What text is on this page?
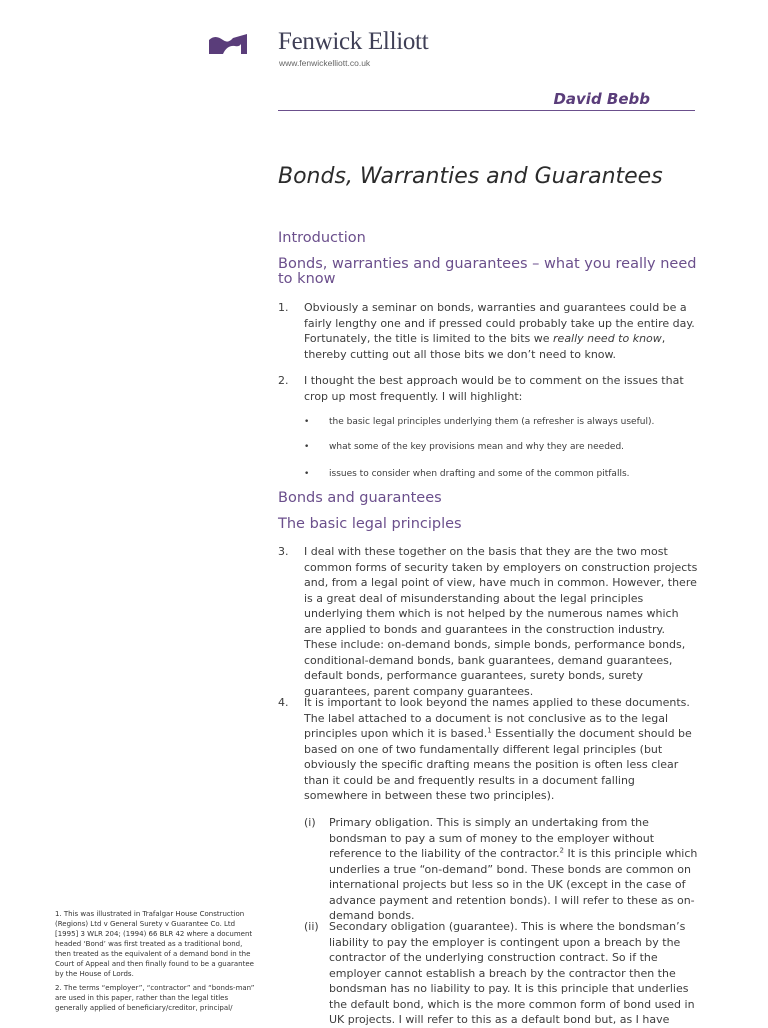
Fenwick Elliott
www.fenwickelliott.co.uk
David Bebb
Bonds, Warranties and Guarantees
Introduction
Bonds, warranties and guarantees – what you really need to know
1. Obviously a seminar on bonds, warranties and guarantees could be a fairly lengthy one and if pressed could probably take up the entire day. Fortunately, the title is limited to the bits we really need to know, thereby cutting out all those bits we don’t need to know.
2. I thought the best approach would be to comment on the issues that crop up most frequently. I will highlight:
• the basic legal principles underlying them (a refresher is always useful).
• what some of the key provisions mean and why they are needed.
• issues to consider when drafting and some of the common pitfalls.
Bonds and guarantees
The basic legal principles
3. I deal with these together on the basis that they are the two most common forms of security taken by employers on construction projects and, from a legal point of view, have much in common. However, there is a great deal of misunderstanding about the legal principles underlying them which is not helped by the numerous names which are applied to bonds and guarantees in the construction industry. These include: on-demand bonds, simple bonds, performance bonds, conditional-demand bonds, bank guarantees, demand guarantees, default bonds, performance guarantees, surety bonds, surety guarantees, parent company guarantees.
4. It is important to look beyond the names applied to these documents. The label attached to a document is not conclusive as to the legal principles upon which it is based.$^1$ Essentially the document should be based on one of two fundamentally different legal principles (but obviously the specific drafting means the position is often less clear than it could be and frequently results in a document falling somewhere in between these two principles).
(i) Primary obligation. This is simply an undertaking from the bondsman to pay a sum of money to the employer without reference to the liability of the contractor.$^2$ It is this principle which underlies a true “on-demand” bond. These bonds are common on international projects but less so in the UK (except in the case of advance payment and retention bonds). I will refer to these as on-demand bonds.
(ii) Secondary obligation (guarantee). This is where the bondsman’s liability to pay the employer is contingent upon a breach by the contractor of the underlying construction contract. So if the employer cannot establish a breach by the contractor then the bondsman has no liability to pay. It is this principle that underlies the default bond, which is the more common form of bond used in UK projects. I will refer to this as a default bond but, as I have
1. This was illustrated in Trafalgar House Construction (Regions) Ltd v General Surety v Guarantee Co. Ltd [1995] 3 WLR 204; (1994) 66 BLR 42 where a document headed ‘Bond’ was first treated as a traditional bond, then treated as the equivalent of a demand bond in the Court of Appeal and then finally found to be a guarantee by the House of Lords.
2. The terms “employer”, “contractor” and “bonds-man” are used in this paper, rather than the legal titles generally applied of beneficiary/creditor, principal/
